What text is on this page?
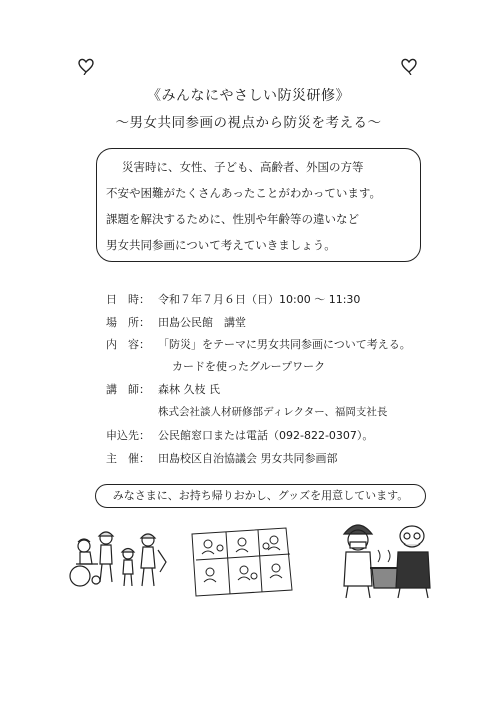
《みんなにやさしい防災研修》
～男女共同参画の視点から防災を考える～
災害時に、女性、子ども、高齢者、外国の方等
不安や困難がたくさんあったことがわかっています。
課題を解決するために、性別や年齢等の違いなど
男女共同参画について考えていきましょう。
日　時： 令和７年７月６日（日）10:00 ～ 11:30
場　所： 田島公民館　講堂
内　容： 「防災」をテーマに男女共同参画について考える。
カードを使ったグループワーク
講　師： 森林 久枝 氏
株式会社談人材研修部ディレクター、福岡支社長
申込先： 公民館窓口または電話（092-822-0307）。
主　催： 田島校区自治協議会 男女共同参画部
みなさまに、お持ち帰りおかし、グッズを用意しています。
